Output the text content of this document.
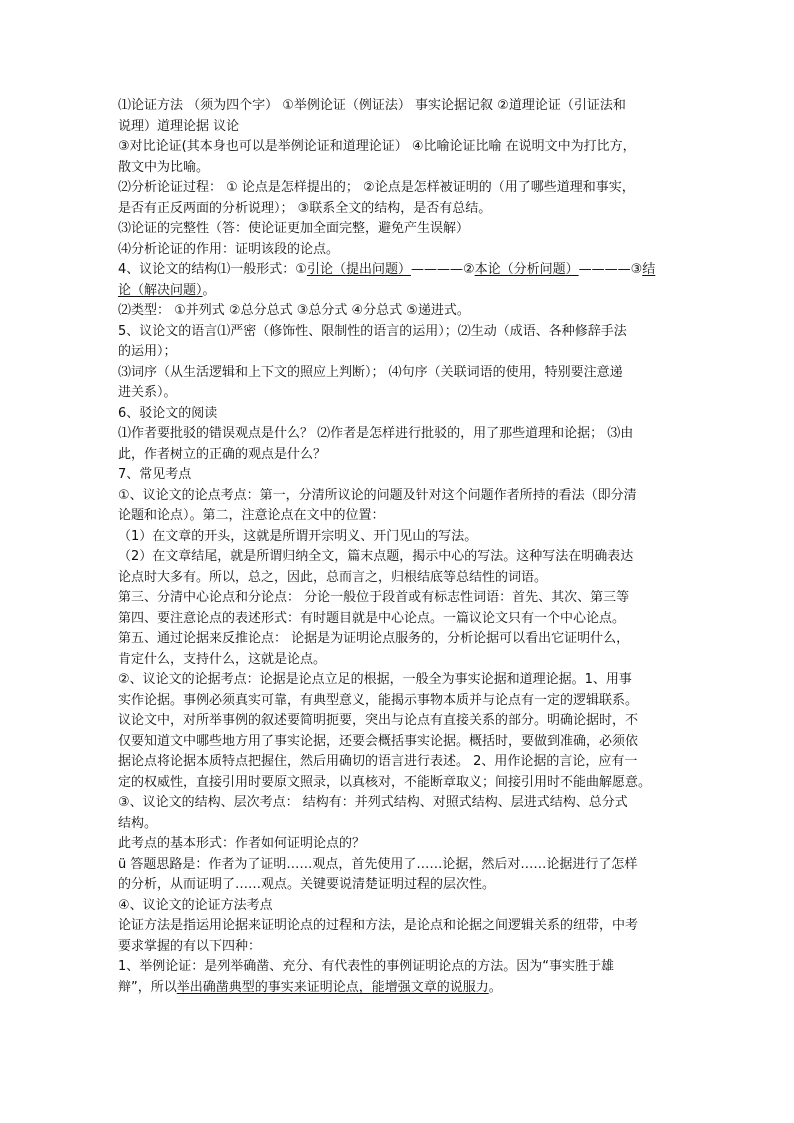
⑴论证方法 （须为四个字） ①举例论证（例证法） 事实论据记叙 ②道理论证（引证法和
说理）道理论据 议论
③对比论证(其本身也可以是举例论证和道理论证） ④比喻论证比喻 在说明文中为打比方，
散文中为比喻。
⑵分析论证过程： ① 论点是怎样提出的； ②论点是怎样被证明的（用了哪些道理和事实，
是否有正反两面的分析说理）； ③联系全文的结构，是否有总结。
⑶论证的完整性（答：使论证更加全面完整，避免产生误解）
⑷分析论证的作用：证明该段的论点。
4、议论文的结构⑴一般形式：①引论（提出问题）————②本论（分析问题）————③结
论（解决问题）。
⑵类型： ①并列式 ②总分总式 ③总分式 ④分总式 ⑤递进式。
5、议论文的语言⑴严密（修饰性、限制性的语言的运用）；⑵生动（成语、各种修辞手法
的运用）；
⑶词序（从生活逻辑和上下文的照应上判断）； ⑷句序（关联词语的使用，特别要注意递
进关系）。
6、驳论文的阅读
⑴作者要批驳的错误观点是什么？ ⑵作者是怎样进行批驳的，用了那些道理和论据； ⑶由
此，作者树立的正确的观点是什么？
7、常见考点
①、议论文的论点考点：第一，分清所议论的问题及针对这个问题作者所持的看法（即分清
论题和论点）。第二，注意论点在文中的位置：
（1）在文章的开头，这就是所谓开宗明义、开门见山的写法。
（2）在文章结尾，就是所谓归纳全文，篇末点题，揭示中心的写法。这种写法在明确表达
论点时大多有。所以，总之，因此，总而言之，归根结底等总结性的词语。
第三、分清中心论点和分论点： 分论一般位于段首或有标志性词语：首先、其次、第三等
第四、要注意论点的表述形式：有时题目就是中心论点。一篇议论文只有一个中心论点。
第五、通过论据来反推论点： 论据是为证明论点服务的，分析论据可以看出它证明什么，
肯定什么，支持什么，这就是论点。
②、议论文的论据考点：论据是论点立足的根据，一般全为事实论据和道理论据。1、用事
实作论据。事例必须真实可靠，有典型意义，能揭示事物本质并与论点有一定的逻辑联系。
议论文中，对所举事例的叙述要简明扼要，突出与论点有直接关系的部分。明确论据时，不
仅要知道文中哪些地方用了事实论据，还要会概括事实论据。概括时，要做到准确，必须依
据论点将论据本质特点把握住，然后用确切的语言进行表述。 2、用作论据的言论，应有一
定的权威性，直接引用时要原文照录，以真核对，不能断章取义；间接引用时不能曲解愿意。
③、议论文的结构、层次考点： 结构有：并列式结构、对照式结构、层进式结构、总分式
结构。
此考点的基本形式：作者如何证明论点的？
ü 答题思路是：作者为了证明……观点，首先使用了……论据，然后对……论据进行了怎样
的分析，从而证明了……观点。关键要说清楚证明过程的层次性。
④、议论文的论证方法考点
论证方法是指运用论据来证明论点的过程和方法，是论点和论据之间逻辑关系的纽带，中考
要求掌握的有以下四种：
1、举例论证：是列举确凿、充分、有代表性的事例证明论点的方法。因为“事实胜于雄
辩”，所以举出确凿典型的事实来证明论点，能增强文章的说服力。
